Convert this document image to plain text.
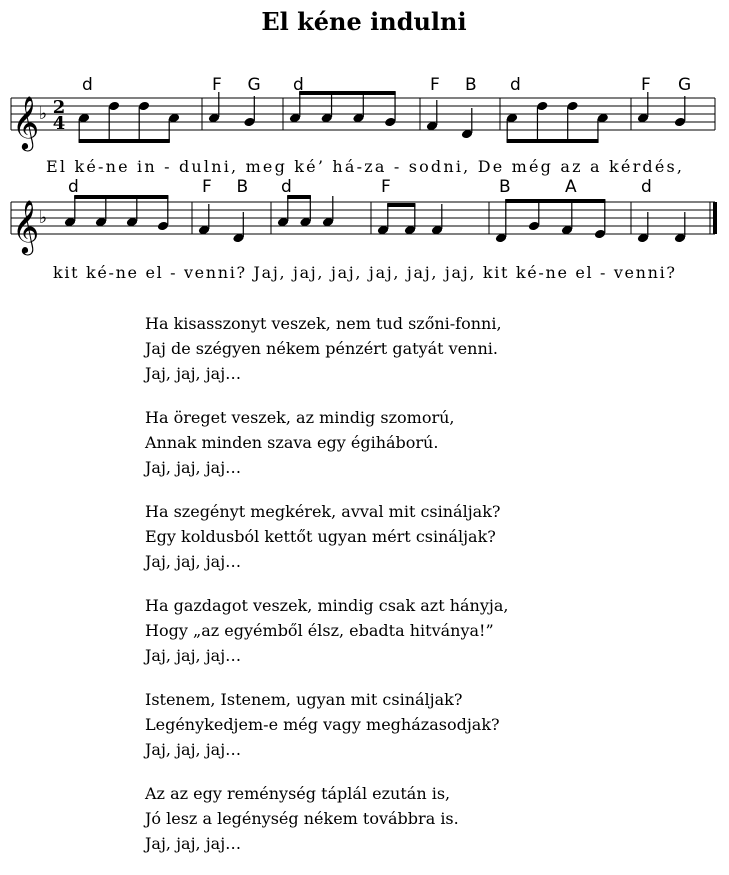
El kéne indulni
𝄞 ♭ 2
4
d	F G d	F B d	F G
𝄞 ♭
d	F B d	F	B	A	d
El ké-ne in - dulni, meg ké’ há-za - sodni, De még az a kérdés,
kit ké-ne el - venni? Jaj, jaj, jaj, jaj, jaj, jaj, kit ké-ne el - venni?
Ha kisasszonyt veszek, nem tud szőni-fonni,
Jaj de szégyen nékem pénzért gatyát venni.
Jaj, jaj, jaj…
Ha öreget veszek, az mindig szomorú,
Annak minden szava egy égiháború.
Jaj, jaj, jaj…
Ha szegényt megkérek, avval mit csináljak?
Egy koldusból kettőt ugyan mért csináljak?
Jaj, jaj, jaj…
Ha gazdagot veszek, mindig csak azt hányja,
Hogy „az egyémből élsz, ebadta hitványa!”
Jaj, jaj, jaj…
Istenem, Istenem, ugyan mit csináljak?
Legénykedjem-e még vagy megházasodjak?
Jaj, jaj, jaj…
Az az egy reménység táplál ezután is,
Jó lesz a legénység nékem továbbra is.
Jaj, jaj, jaj…
